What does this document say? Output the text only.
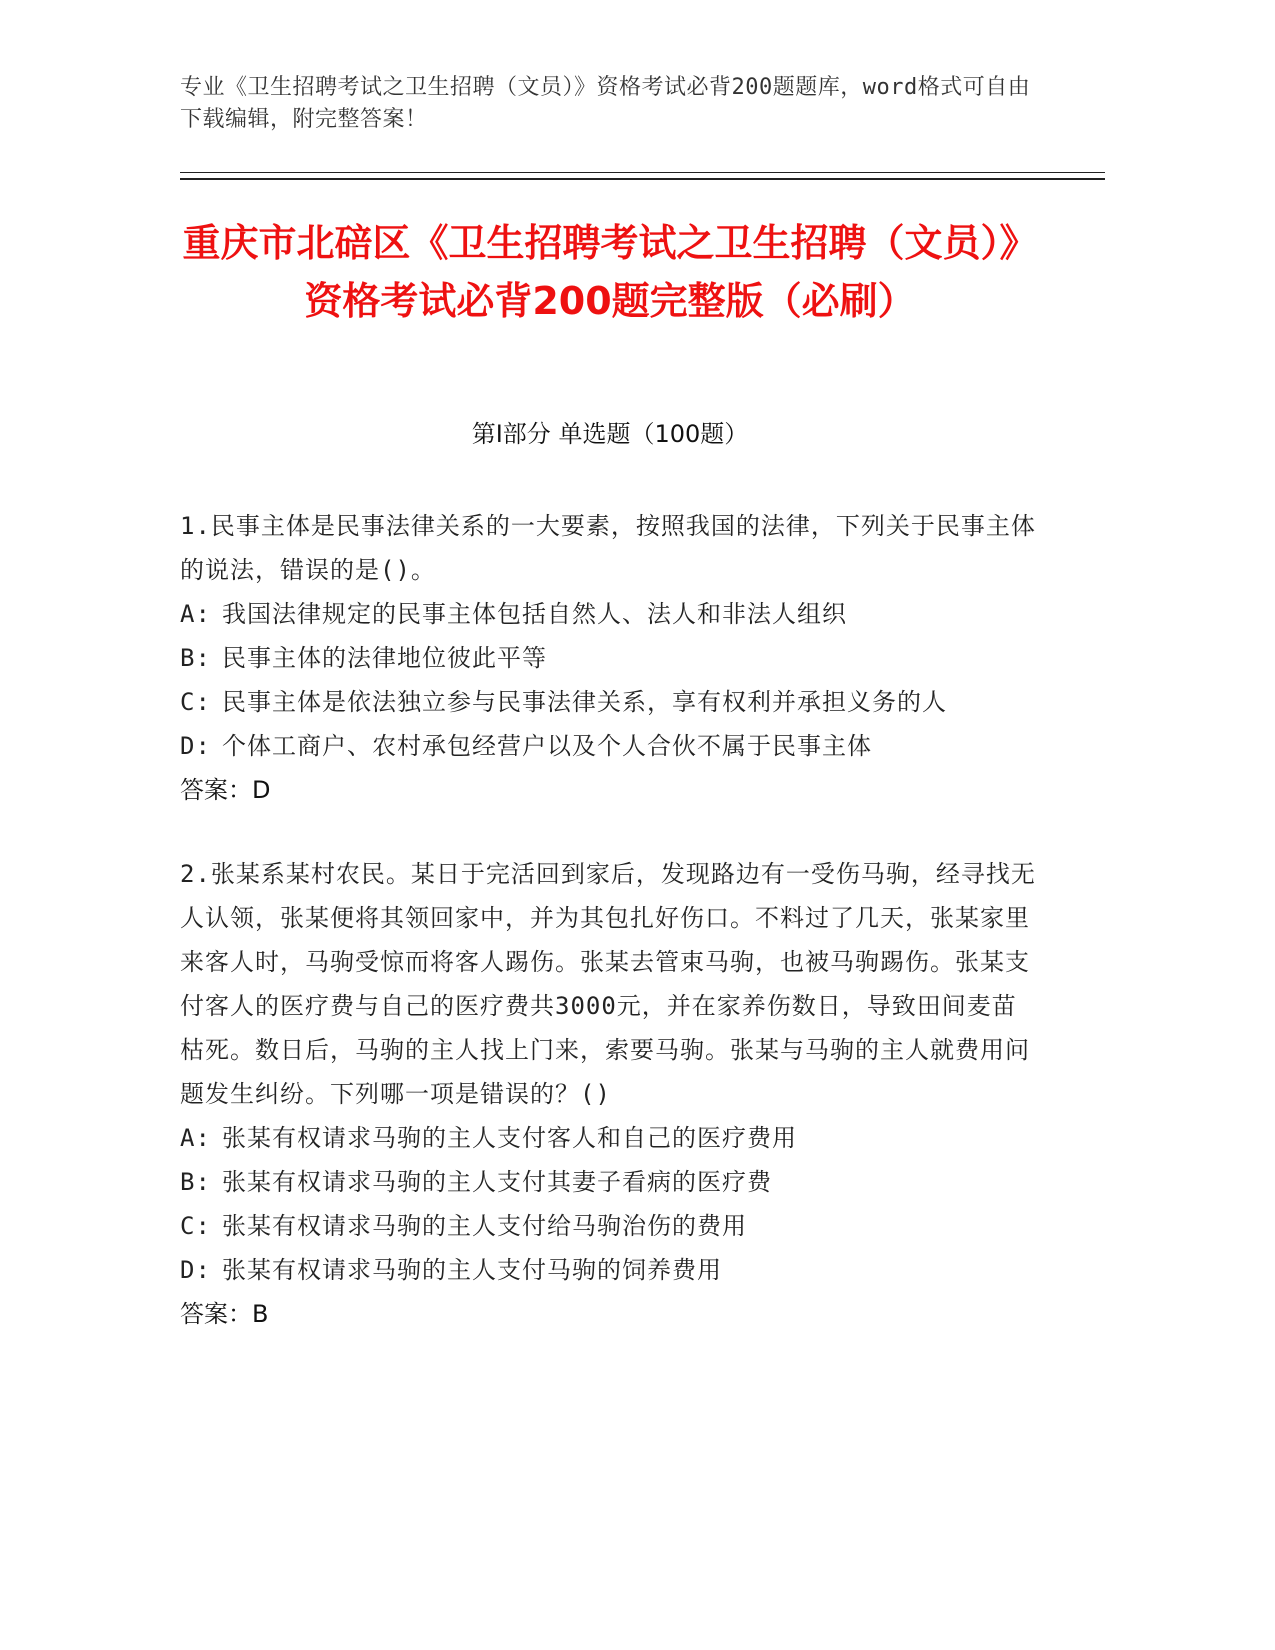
专业《卫生招聘考试之卫生招聘（文员）》资格考试必背200题题库，word格式可自由下载编辑，附完整答案！
重庆市北碚区《卫生招聘考试之卫生招聘（文员）》资格考试必背200题完整版（必刷）
第I部分 单选题（100题）

1.民事主体是民事法律关系的一大要素，按照我国的法律，下列关于民事主体的说法，错误的是()。

A: 我国法律规定的民事主体包括自然人、法人和非法人组织
B: 民事主体的法律地位彼此平等
C: 民事主体是依法独立参与民事法律关系，享有权利并承担义务的人
D: 个体工商户、农村承包经营户以及个人合伙不属于民事主体
答案：D

2.张某系某村农民。某日于完活回到家后，发现路边有一受伤马驹，经寻找无人认领，张某便将其领回家中，并为其包扎好伤口。不料过了几天，张某家里来客人时，马驹受惊而将客人踢伤。张某去管束马驹，也被马驹踢伤。张某支付客人的医疗费与自己的医疗费共3000元，并在家养伤数日，导致田间麦苗枯死。数日后，马驹的主人找上门来，索要马驹。张某与马驹的主人就费用问题发生纠纷。下列哪一项是错误的？()

A: 张某有权请求马驹的主人支付客人和自己的医疗费用
B: 张某有权请求马驹的主人支付其妻子看病的医疗费
C: 张某有权请求马驹的主人支付给马驹治伤的费用
D: 张某有权请求马驹的主人支付马驹的饲养费用
答案：B
